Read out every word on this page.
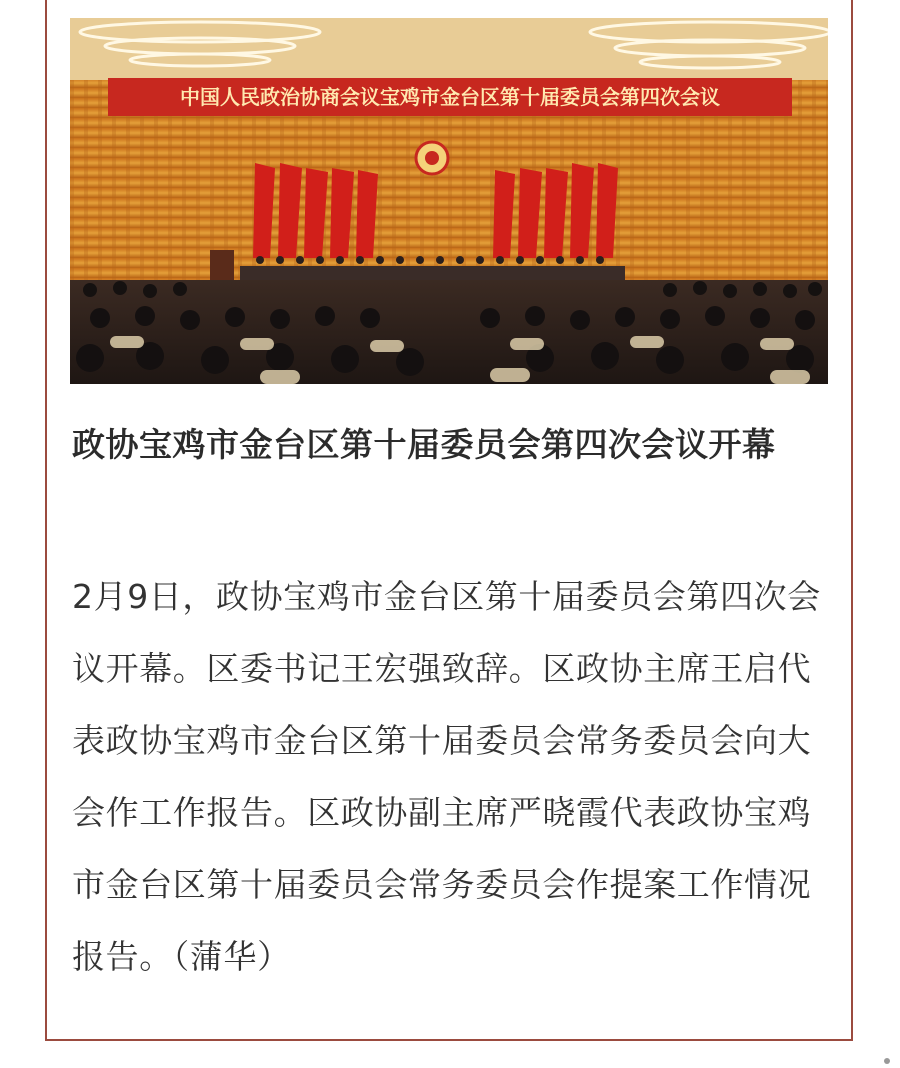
中国人民政治协商会议宝鸡市金台区第十届委员会第四次会议
政协宝鸡市金台区第十届委员会第四次会议开幕
2月9日，政协宝鸡市金台区第十届委员会第四次会议开幕。区委书记王宏强致辞。区政协主席王启代表政协宝鸡市金台区第十届委员会常务委员会向大会作工作报告。区政协副主席严晓霞代表政协宝鸡市金台区第十届委员会常务委员会作提案工作情况报告。（蒲华）
